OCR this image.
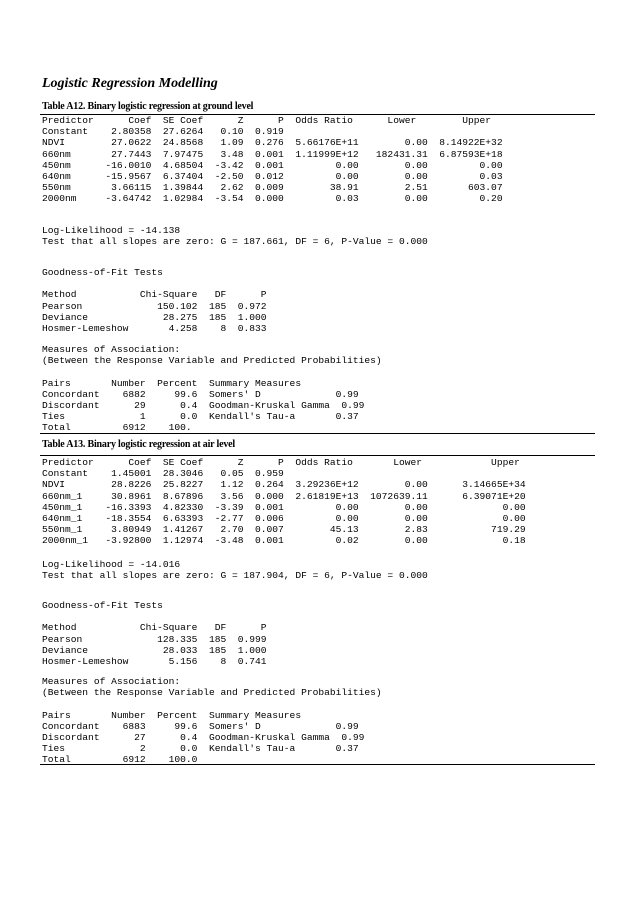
Logistic Regression Modelling
Table A12. Binary logistic regression at ground level
Predictor      Coef  SE Coef      Z      P  Odds Ratio      Lower        Upper
Constant    2.80358  27.6264   0.10  0.919
NDVI        27.0622  24.8568   1.09  0.276  5.66176E+11        0.00  8.14922E+32
660nm       27.7443  7.97475   3.48  0.001  1.11999E+12   182431.31  6.87593E+18
450nm      -16.0010  4.68504  -3.42  0.001         0.00        0.00         0.00
640nm      -15.9567  6.37404  -2.50  0.012         0.00        0.00         0.03
550nm       3.66115  1.39844   2.62  0.009        38.91        2.51       603.07
2000nm     -3.64742  1.02984  -3.54  0.000         0.03        0.00         0.20
Log-Likelihood = -14.138
Test that all slopes are zero: G = 187.661, DF = 6, P-Value = 0.000
Goodness-of-Fit Tests

Method           Chi-Square   DF      P
Pearson             150.102  185  0.972
Deviance             28.275  185  1.000
Hosmer-Lemeshow       4.258    8  0.833
Measures of Association:
(Between the Response Variable and Predicted Probabilities)

Pairs       Number  Percent  Summary Measures
Concordant    6882     99.6  Somers' D             0.99
Discordant      29      0.4  Goodman-Kruskal Gamma  0.99
Ties             1      0.0  Kendall's Tau-a       0.37
Total         6912    100.
Table A13. Binary logistic regression at air level
Predictor      Coef  SE Coef      Z      P  Odds Ratio       Lower            Upper
Constant    1.45001  28.3046   0.05  0.959
NDVI        28.8226  25.8227   1.12  0.264  3.29236E+12        0.00      3.14665E+34
660nm_1     30.8961  8.67896   3.56  0.000  2.61819E+13  1072639.11      6.39071E+20
450nm_1    -16.3393  4.82330  -3.39  0.001         0.00        0.00             0.00
640nm_1    -18.3554  6.63393  -2.77  0.006         0.00        0.00             0.00
550nm_1     3.80949  1.41267   2.70  0.007        45.13        2.83           719.29
2000nm_1   -3.92800  1.12974  -3.48  0.001         0.02        0.00             0.18
Log-Likelihood = -14.016
Test that all slopes are zero: G = 187.904, DF = 6, P-Value = 0.000
Goodness-of-Fit Tests

Method           Chi-Square   DF      P
Pearson             128.335  185  0.999
Deviance             28.033  185  1.000
Hosmer-Lemeshow       5.156    8  0.741
Measures of Association:
(Between the Response Variable and Predicted Probabilities)

Pairs       Number  Percent  Summary Measures
Concordant    6883     99.6  Somers' D             0.99
Discordant      27      0.4  Goodman-Kruskal Gamma  0.99
Ties             2      0.0  Kendall's Tau-a       0.37
Total         6912    100.0
